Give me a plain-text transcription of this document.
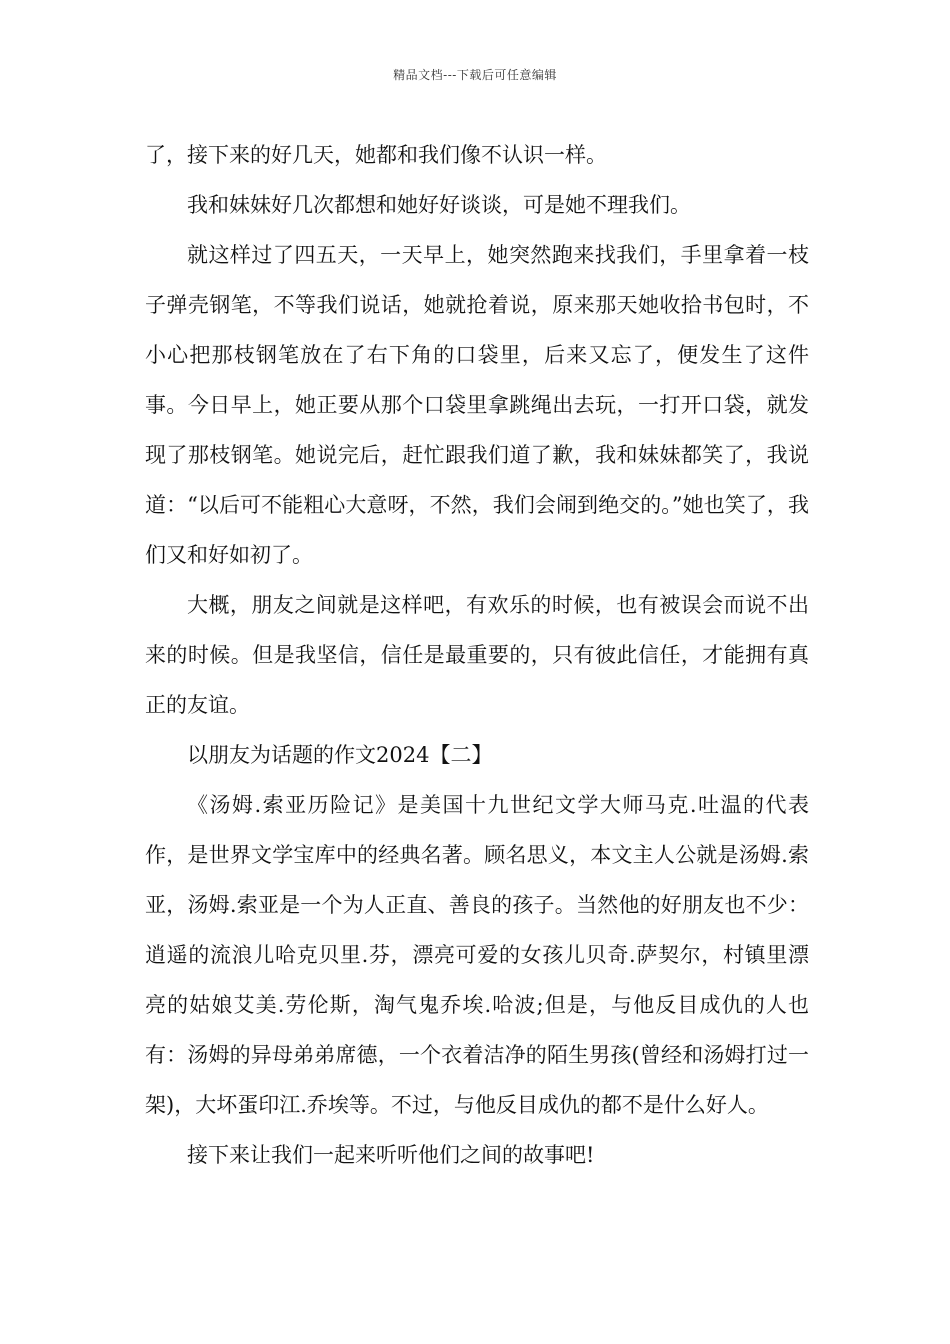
精品文档---下载后可任意编辑

了，接下来的好几天，她都和我们像不认识一样。

我和妹妹好几次都想和她好好谈谈，可是她不理我们。

就这样过了四五天，一天早上，她突然跑来找我们，手里拿着一枝子弹壳钢笔，不等我们说话，她就抢着说，原来那天她收拾书包时，不小心把那枝钢笔放在了右下角的口袋里，后来又忘了，便发生了这件事。今日早上，她正要从那个口袋里拿跳绳出去玩，一打开口袋，就发现了那枝钢笔。她说完后，赶忙跟我们道了歉，我和妹妹都笑了，我说道：“以后可不能粗心大意呀，不然，我们会闹到绝交的。”她也笑了，我们又和好如初了。

大概，朋友之间就是这样吧，有欢乐的时候，也有被误会而说不出来的时候。但是我坚信，信任是最重要的，只有彼此信任，才能拥有真正的友谊。

以朋友为话题的作文2024【二】

《汤姆.索亚历险记》是美国十九世纪文学大师马克.吐温的代表作，是世界文学宝库中的经典名著。顾名思义，本文主人公就是汤姆.索亚，汤姆.索亚是一个为人正直、善良的孩子。当然他的好朋友也不少：逍遥的流浪儿哈克贝里.芬，漂亮可爱的女孩儿贝奇.萨契尔，村镇里漂亮的姑娘艾美.劳伦斯，淘气鬼乔埃.哈波;但是，与他反目成仇的人也有：汤姆的异母弟弟席德，一个衣着洁净的陌生男孩(曾经和汤姆打过一架)，大坏蛋印江.乔埃等。不过，与他反目成仇的都不是什么好人。

接下来让我们一起来听听他们之间的故事吧!
